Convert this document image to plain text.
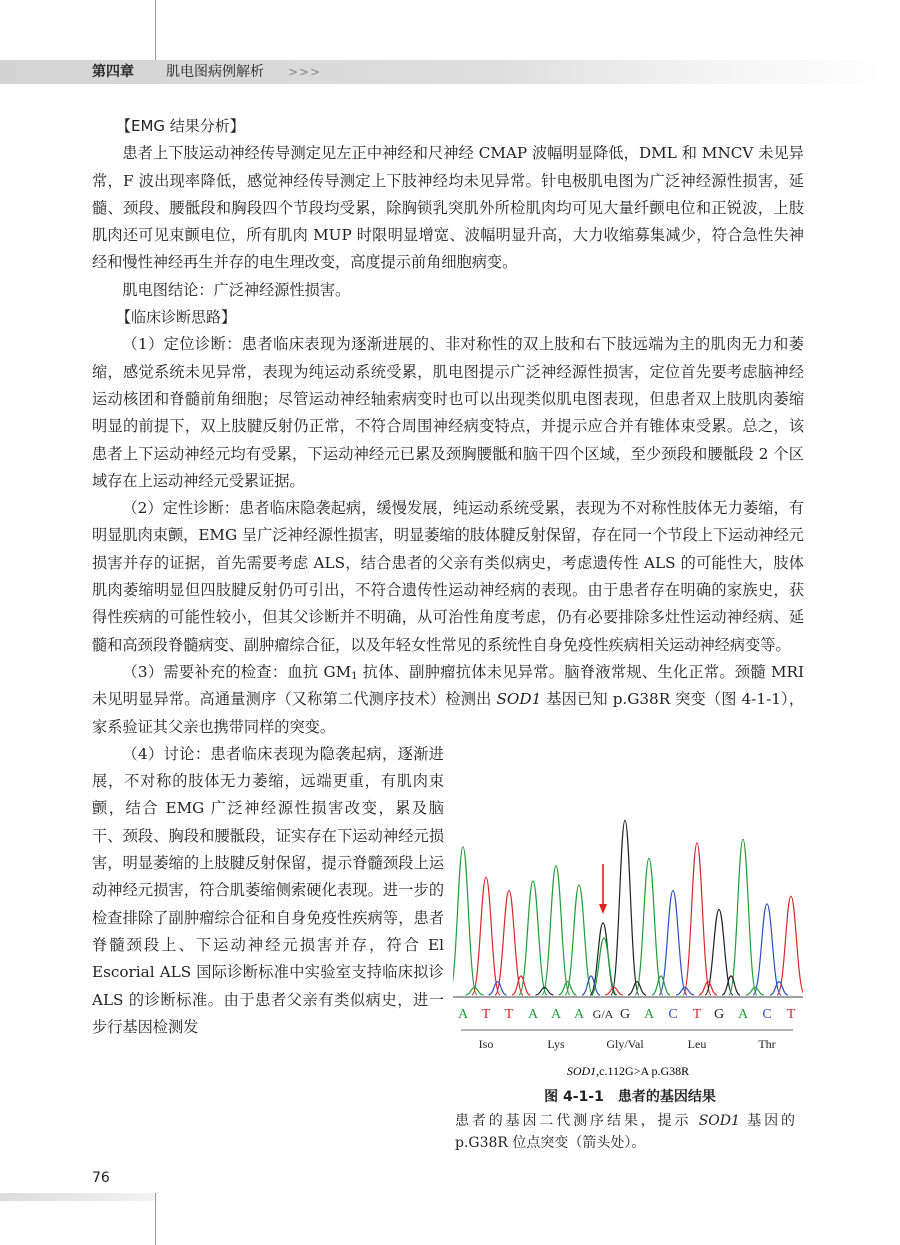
第四章 肌电图病例解析 >>>

【EMG 结果分析】

患者上下肢运动神经传导测定见左正中神经和尺神经 CMAP 波幅明显降低，DML 和 MNCV 未见异常，F 波出现率降低，感觉神经传导测定上下肢神经均未见异常。针电极肌电图为广泛神经源性损害，延髓、颈段、腰骶段和胸段四个节段均受累，除胸锁乳突肌外所检肌肉均可见大量纤颤电位和正锐波，上肢肌肉还可见束颤电位，所有肌肉 MUP 时限明显增宽、波幅明显升高，大力收缩募集减少，符合急性失神经和慢性神经再生并存的电生理改变，高度提示前角细胞病变。

肌电图结论：广泛神经源性损害。

【临床诊断思路】

（1）定位诊断：患者临床表现为逐渐进展的、非对称性的双上肢和右下肢远端为主的肌肉无力和萎缩，感觉系统未见异常，表现为纯运动系统受累，肌电图提示广泛神经源性损害，定位首先要考虑脑神经运动核团和脊髓前角细胞；尽管运动神经轴索病变时也可以出现类似肌电图表现，但患者双上肢肌肉萎缩明显的前提下，双上肢腱反射仍正常，不符合周围神经病变特点，并提示应合并有锥体束受累。总之，该患者上下运动神经元均有受累，下运动神经元已累及颈胸腰骶和脑干四个区域，至少颈段和腰骶段 2 个区域存在上运动神经元受累证据。

（2）定性诊断：患者临床隐袭起病，缓慢发展，纯运动系统受累，表现为不对称性肢体无力萎缩，有明显肌肉束颤，EMG 呈广泛神经源性损害，明显萎缩的肢体腱反射保留，存在同一个节段上下运动神经元损害并存的证据，首先需要考虑 ALS，结合患者的父亲有类似病史，考虑遗传性 ALS 的可能性大，肢体肌肉萎缩明显但四肢腱反射仍可引出，不符合遗传性运动神经病的表现。由于患者存在明确的家族史，获得性疾病的可能性较小，但其父诊断并不明确，从可治性角度考虑，仍有必要排除多灶性运动神经病、延髓和高颈段脊髓病变、副肿瘤综合征，以及年轻女性常见的系统性自身免疫性疾病相关运动神经病变等。

（3）需要补充的检查：血抗 $GM_1$ 抗体、副肿瘤抗体未见异常。脑脊液常规、生化正常。颈髓 MRI 未见明显异常。高通量测序（又称第二代测序技术）检测出 SOD1 基因已知 p.G38R 突变（图 4-1-1），家系验证其父亲也携带同样的突变。

（4）讨论：患者临床表现为隐袭起病，逐渐进展，不对称的肢体无力萎缩，远端更重，有肌肉束颤，结合 EMG 广泛神经源性损害改变，累及脑干、颈段、胸段和腰骶段，证实存在下运动神经元损害，明显萎缩的上肢腱反射保留，提示脊髓颈段上运动神经元损害，符合肌萎缩侧索硬化表现。进一步的检查排除了副肿瘤综合征和自身免疫性疾病等，患者脊髓颈段上、下运动神经元损害并存，符合 El Escorial ALS 国际诊断标准中实验室支持临床拟诊 ALS 的诊断标准。由于患者父亲有类似病史，进一步行基因检测发

A T T A A A G/A G A C T G A C T
Iso	Lys	Gly/Val	Leu	Thr
SOD1,c.112G>A p.G38R
图 4-1-1　患者的基因结果
患者的基因二代测序结果，提示 SOD1 基因的 p.G38R 位点突变（箭头处）。
76
